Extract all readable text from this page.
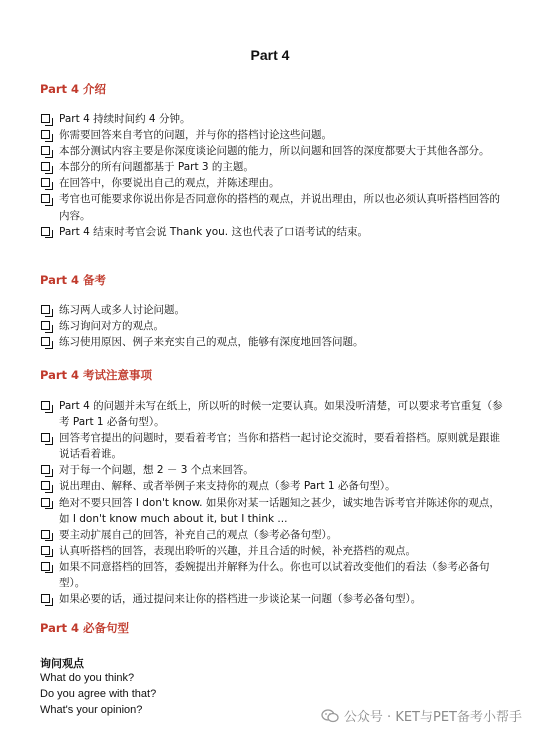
Part 4
Part 4 介绍
Part 4 持续时间约 4 分钟。
你需要回答来自考官的问题，并与你的搭档讨论这些问题。
本部分测试内容主要是你深度谈论问题的能力，所以问题和回答的深度都要大于其他各部分。
本部分的所有问题都基于 Part 3 的主题。
在回答中，你要说出自己的观点，并陈述理由。
考官也可能要求你说出你是否同意你的搭档的观点，并说出理由，所以也必须认真听搭档回答的内容。
Part 4 结束时考官会说 Thank you. 这也代表了口语考试的结束。
Part 4 备考
练习两人或多人讨论问题。
练习询问对方的观点。
练习使用原因、例子来充实自己的观点，能够有深度地回答问题。
Part 4 考试注意事项
Part 4 的问题并未写在纸上，所以听的时候一定要认真。如果没听清楚，可以要求考官重复（参考 Part 1 必备句型）。
回答考官提出的问题时，要看着考官；当你和搭档一起讨论交流时，要看着搭档。原则就是跟谁说话看着谁。
对于每一个问题，想 2 － 3 个点来回答。
说出理由、解释、或者举例子来支持你的观点（参考 Part 1 必备句型）。
绝对不要只回答 I don't know. 如果你对某一话题知之甚少，诚实地告诉考官并陈述你的观点，如 I don't know much about it, but I think ...
要主动扩展自己的回答，补充自己的观点（参考必备句型）。
认真听搭档的回答，表现出聆听的兴趣，并且合适的时候，补充搭档的观点。
如果不同意搭档的回答，委婉提出并解释为什么。你也可以试着改变他们的看法（参考必备句型）。
如果必要的话，通过提问来让你的搭档进一步谈论某一问题（参考必备句型）。
Part 4 必备句型
询问观点
What do you think?
Do you agree with that?
What's your opinion?	公众号 · KET与PET备考小帮手
